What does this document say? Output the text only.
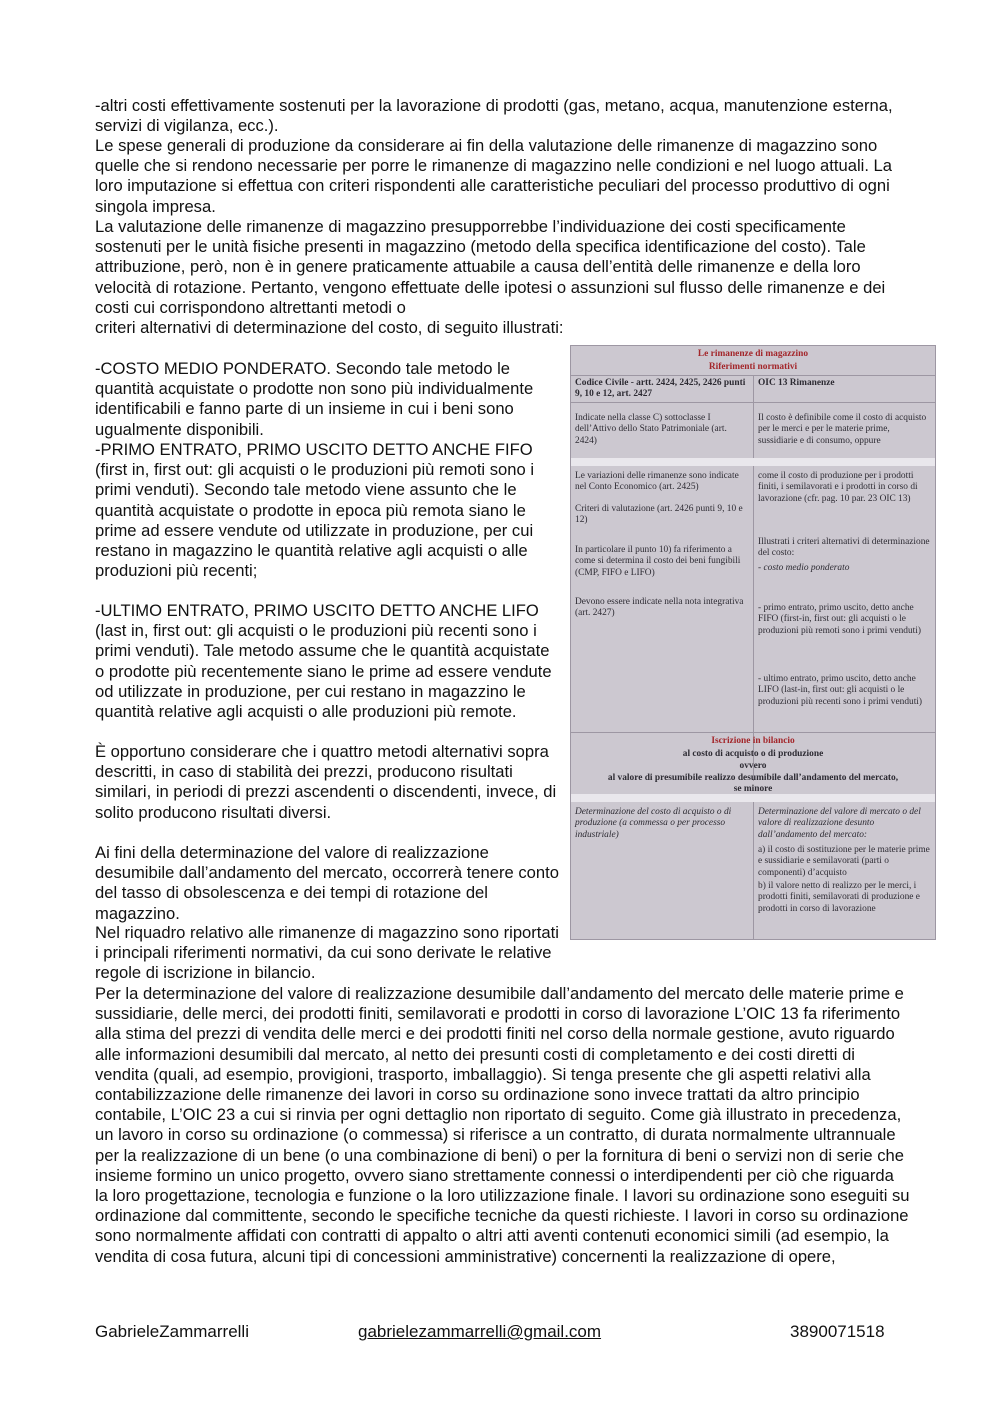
-altri costi effettivamente sostenuti per la lavorazione di prodotti (gas, metano, acqua, manutenzione esterna, servizi di vigilanza, ecc.).
Le spese generali di produzione da considerare ai fin della valutazione delle rimanenze di magazzino sono quelle che si rendono necessarie per porre le rimanenze di magazzino nelle condizioni e nel luogo attuali. La loro imputazione si effettua con criteri rispondenti alle caratteristiche peculiari del processo produttivo di ogni singola impresa.
La valutazione delle rimanenze di magazzino presupporrebbe l’individuazione dei costi specificamente sostenuti per le unità fisiche presenti in magazzino (metodo della specifica identificazione del costo). Tale attribuzione, però, non è in genere praticamente attuabile a causa dell’entità delle rimanenze e della loro velocità di rotazione. Pertanto, vengono effettuate delle ipotesi o assunzioni sul flusso delle rimanenze e dei costi cui corrispondono altrettanti metodi o
criteri alternativi di determinazione del costo, di seguito illustrati:
-COSTO MEDIO PONDERATO. Secondo tale metodo le quantità acquistate o prodotte non sono più individualmente identificabili e fanno parte di un insieme in cui i beni sono ugualmente disponibili.
-PRIMO ENTRATO, PRIMO USCITO DETTO ANCHE FIFO (first in, first out: gli acquisti o le produzioni più remoti sono i primi venduti). Secondo tale metodo viene assunto che le quantità acquistate o prodotte in epoca più remota siano le prime ad essere vendute od utilizzate in produzione, per cui restano in magazzino le quantità relative agli acquisti o alle produzioni più recenti;
-ULTIMO ENTRATO, PRIMO USCITO DETTO ANCHE LIFO (last in, first out: gli acquisti o le produzioni più recenti sono i primi venduti). Tale metodo assume che le quantità acquistate o prodotte più recentemente siano le prime ad essere vendute od utilizzate in produzione, per cui restano in magazzino le quantità relative agli acquisti o alle produzioni più remote.
È opportuno considerare che i quattro metodi alternativi sopra descritti, in caso di stabilità dei prezzi, producono risultati similari, in periodi di prezzi ascendenti o discendenti, invece, di solito producono risultati diversi.
Ai fini della determinazione del valore di realizzazione desumibile dall’andamento del mercato, occorrerà tenere conto del tasso di obsolescenza e dei tempi di rotazione del magazzino.
Nel riquadro relativo alle rimanenze di magazzino sono riportati i principali riferimenti normativi, da cui sono derivate le relative regole di iscrizione in bilancio.
Per la determinazione del valore di realizzazione desumibile dall’andamento del mercato delle materie prime e sussidiarie, delle merci, dei prodotti finiti, semilavorati e prodotti in corso di lavorazione L’OIC 13 fa riferimento alla stima del prezzi di vendita delle merci e dei prodotti finiti nel corso della normale gestione, avuto riguardo alle informazioni desumibili dal mercato, al netto dei presunti costi di completamento e dei costi diretti di vendita (quali, ad esempio, provigioni, trasporto, imballaggio). Si tenga presente che gli aspetti relativi alla contabilizzazione delle rimanenze dei lavori in corso su ordinazione sono invece trattati da altro principio contabile, L’OIC 23 a cui si rinvia per ogni dettaglio non riportato di seguito. Come già illustrato in precedenza, un lavoro in corso su ordinazione (o commessa) si riferisce a un contratto, di durata normalmente ultrannuale per la realizzazione di un bene (o una combinazione di beni) o per la fornitura di beni o servizi non di serie che insieme formino un unico progetto, ovvero siano strettamente connessi o interdipendenti per ciò che riguarda la loro progettazione, tecnologia e funzione o la loro utilizzazione finale. I lavori su ordinazione sono eseguiti su ordinazione dal committente, secondo le specifiche tecniche da questi richieste. I lavori in corso su ordinazione sono normalmente affidati con contratti di appalto o altri atti aventi contenuti economici simili (ad esempio, la vendita di cosa futura, alcuni tipi di concessioni amministrative) concernenti la realizzazione di opere,
Le rimanenze di magazzino
Riferimenti normativi
Codice Civile - artt. 2424, 2425, 2426 punti 9, 10 e 12, art. 2427
OIC 13 Rimanenze
Indicate nella classe C) sottoclasse I dell’Attivo dello Stato Patrimoniale (art. 2424)
Il costo è definibile come il costo di acquisto per le merci e per le materie prime, sussidiarie e di consumo, oppure
Le variazioni delle rimanenze sono indicate nel Conto Economico (art. 2425)
Criteri di valutazione (art. 2426 punti 9, 10 e 12)
In particolare il punto 10) fa riferimento a come si determina il costo dei beni fungibili (CMP, FIFO e LIFO)
Devono essere indicate nella nota integrativa (art. 2427)
come il costo di produzione per i prodotti finiti, i semilavorati e i prodotti in corso di lavorazione (cfr. pag. 10 par. 23 OIC 13)
Illustrati i criteri alternativi di determinazione del costo:
- costo medio ponderato
- primo entrato, primo uscito, detto anche FIFO (first-in, first out: gli acquisti o le produzioni più remoti sono i primi venduti)
- ultimo entrato, primo uscito, detto anche LIFO (last-in, first out: gli acquisti o le produzioni più recenti sono i primi venduti)
Iscrizione in bilancio
al costo di acquisto o di produzione
ovvero
al valore di presumibile realizzo desumibile dall’andamento del mercato, se minore
Determinazione del costo di acquisto o di produzione (a commessa o per processo industriale)
Determinazione del valore di mercato o del valore di realizzazione desunto dall’andamento del mercato:
a) il costo di sostituzione per le materie prime e sussidiarie e semilavorati (parti o componenti) d’acquisto
b) il valore netto di realizzo per le merci, i prodotti finiti, semilavorati di produzione e prodotti in corso di lavorazione
GabrieleZammarrelli	gabrielezammarrelli@gmail.com	3890071518
